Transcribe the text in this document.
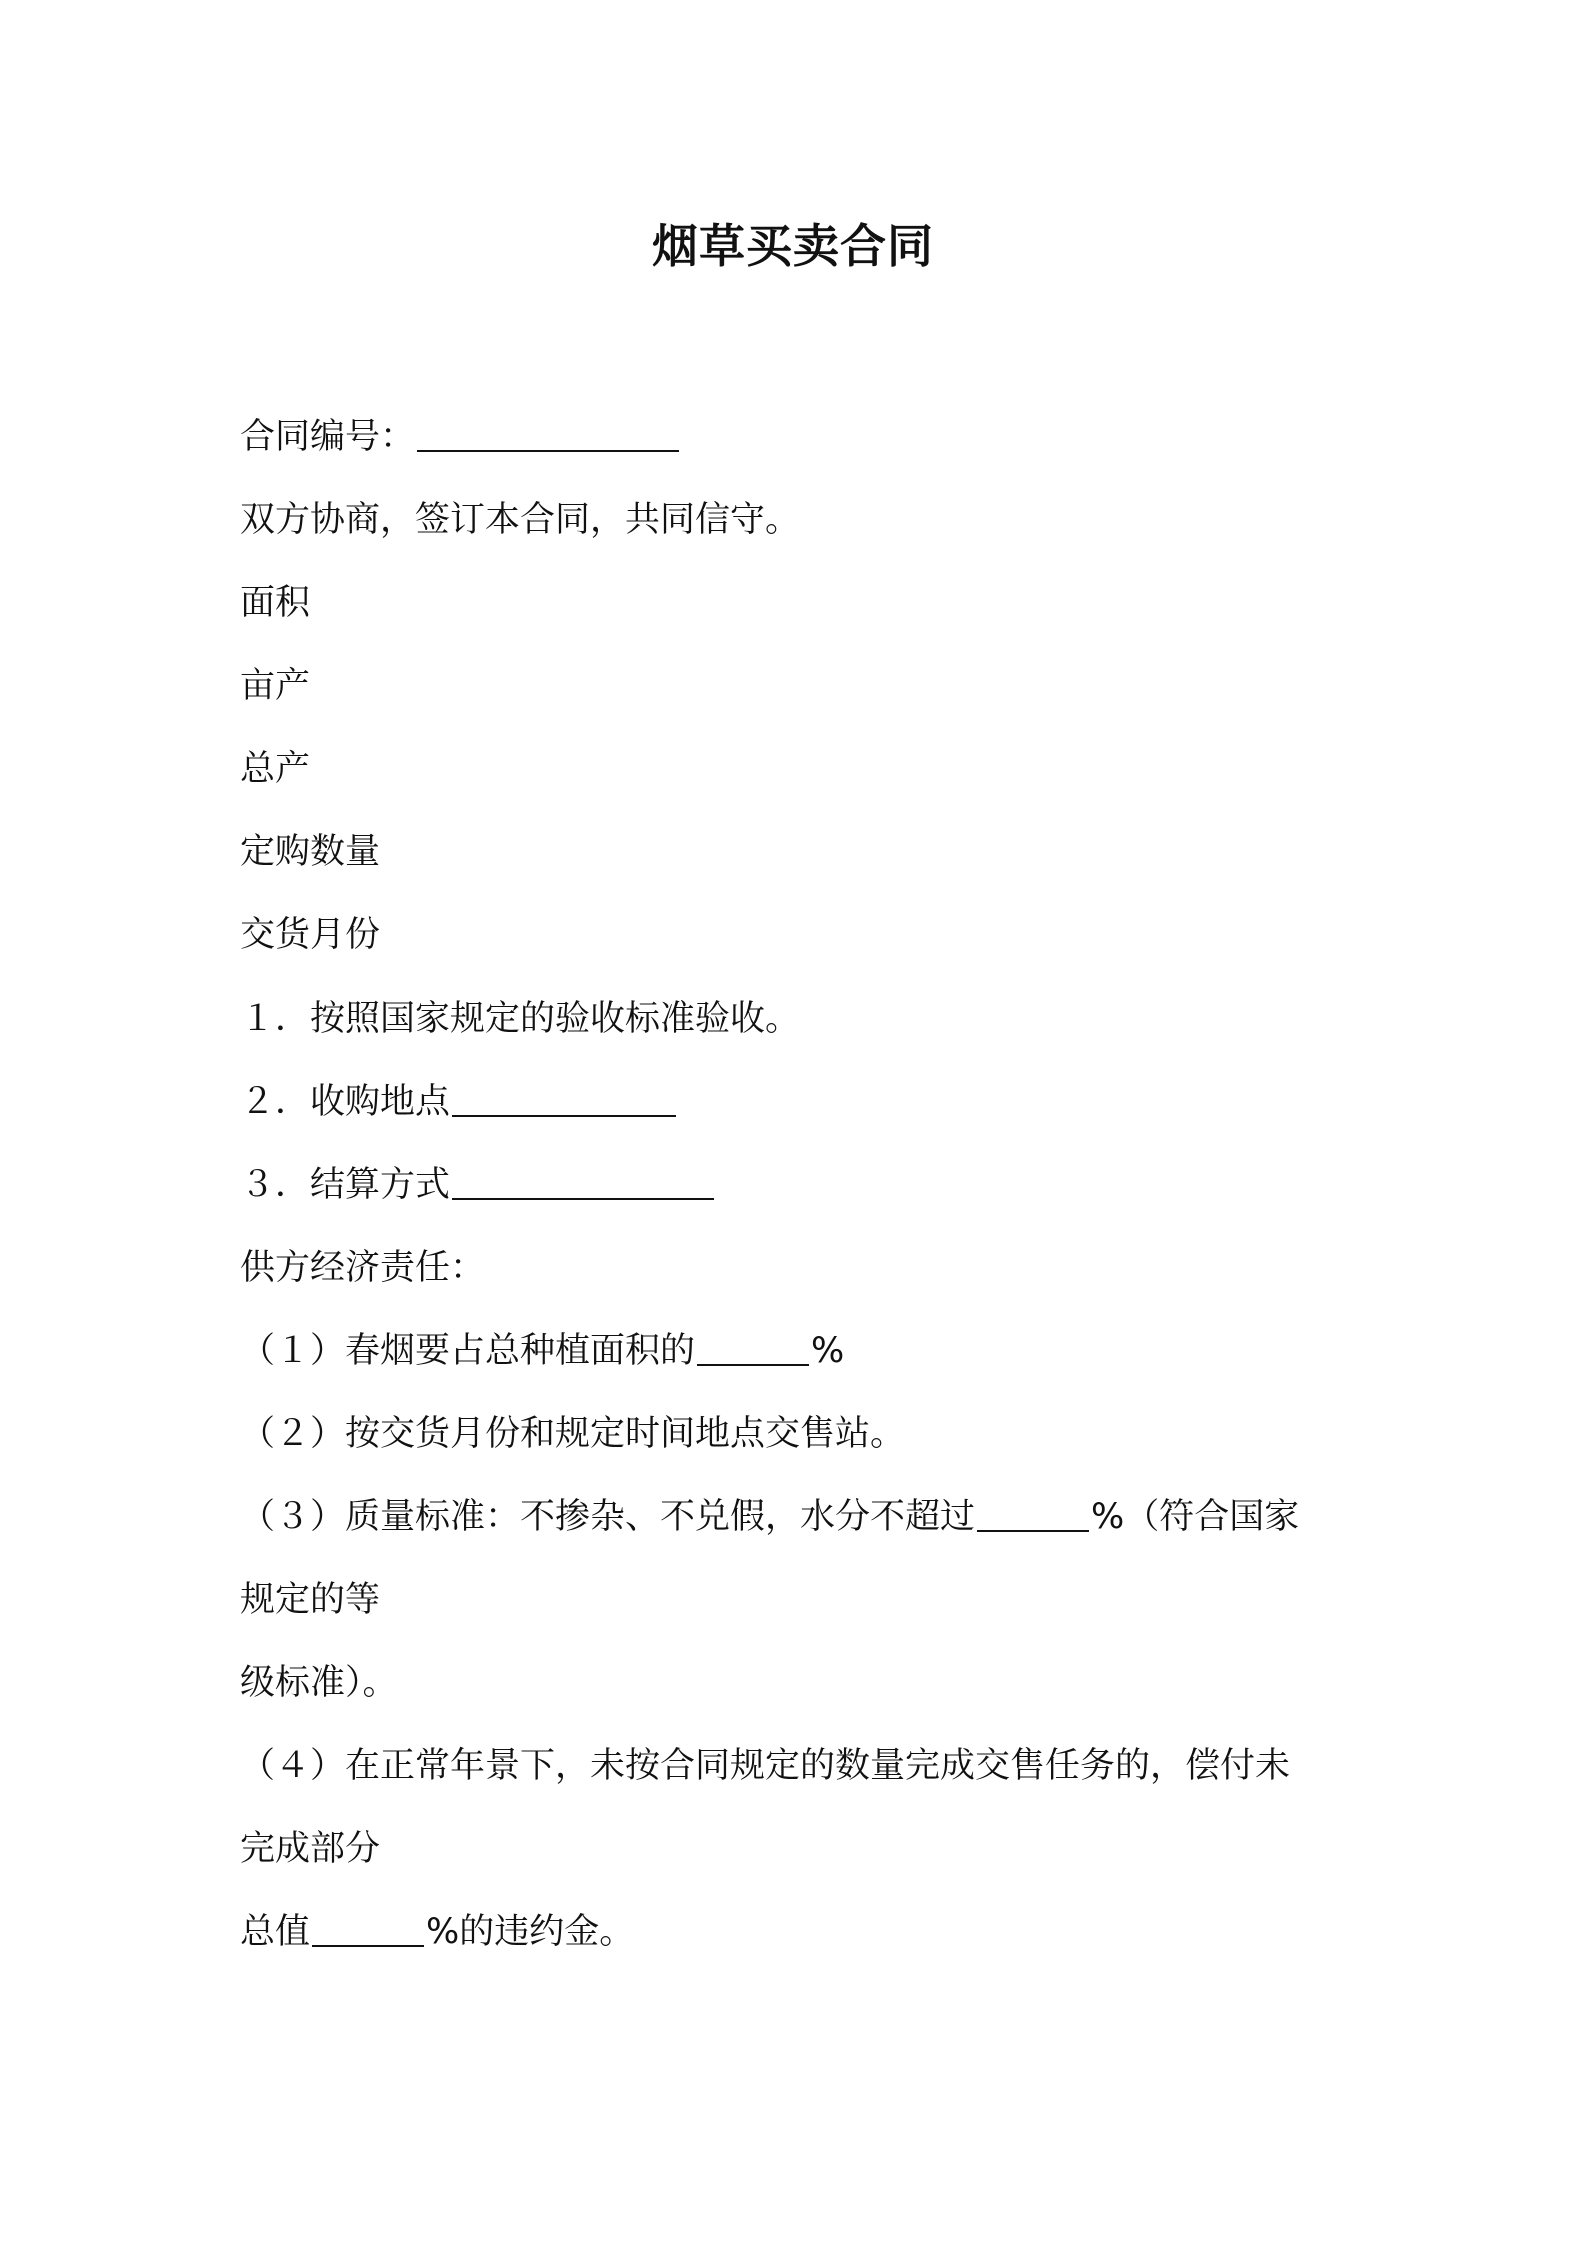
烟草买卖合同
合同编号：
双方协商，签订本合同，共同信守。
面积
亩产
总产
定购数量
交货月份
１．按照国家规定的验收标准验收。
２．收购地点
３．结算方式
供方经济责任：
（１）春烟要占总种植面积的	%
（２）按交货月份和规定时间地点交售站。
（３）质量标准：不掺杂、不兑假，水分不超过	%（符合国家
规定的等
级标准）。
（４）在正常年景下，未按合同规定的数量完成交售任务的，偿付未
完成部分
总值	%的违约金。
